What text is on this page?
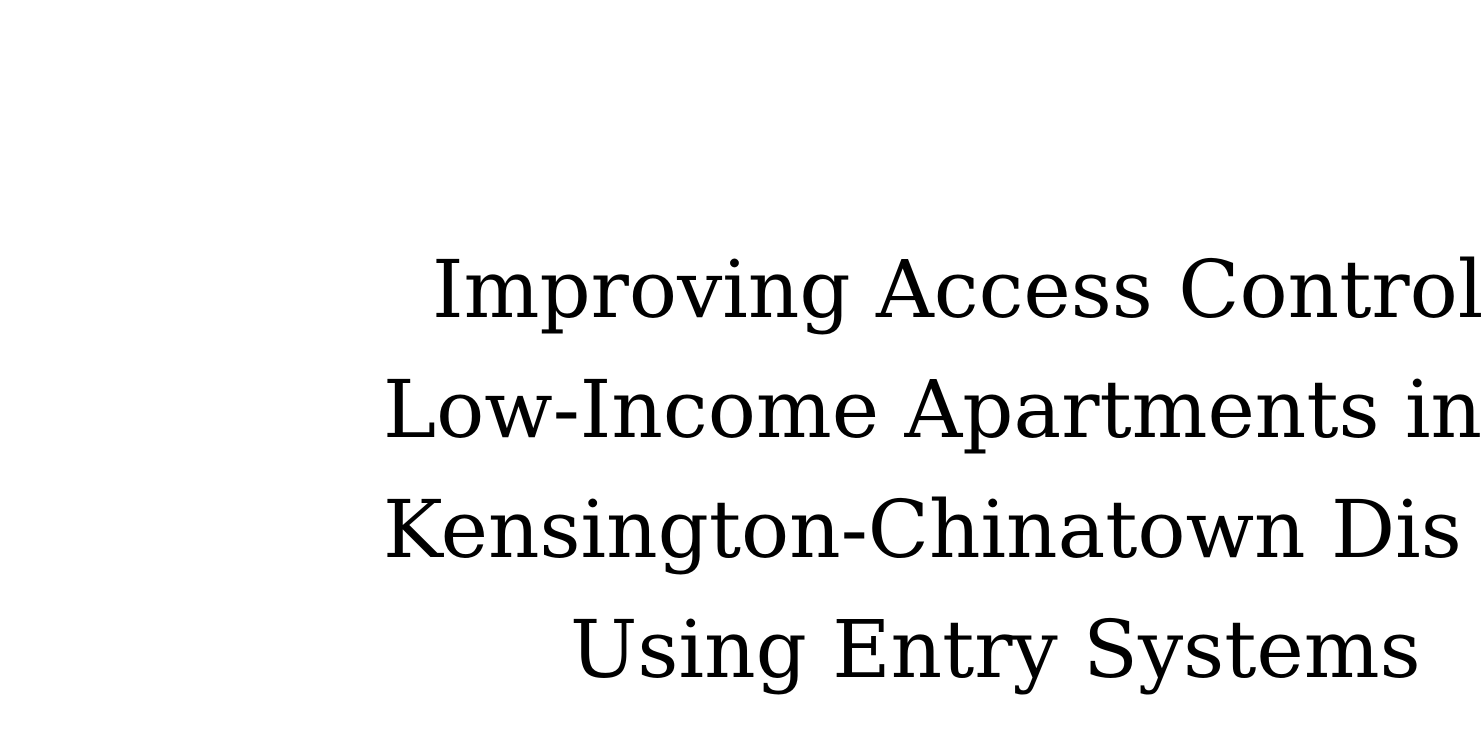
Improving Access Control
Low-Income Apartments in
Kensington-Chinatown Dis
Using Entry Systems
